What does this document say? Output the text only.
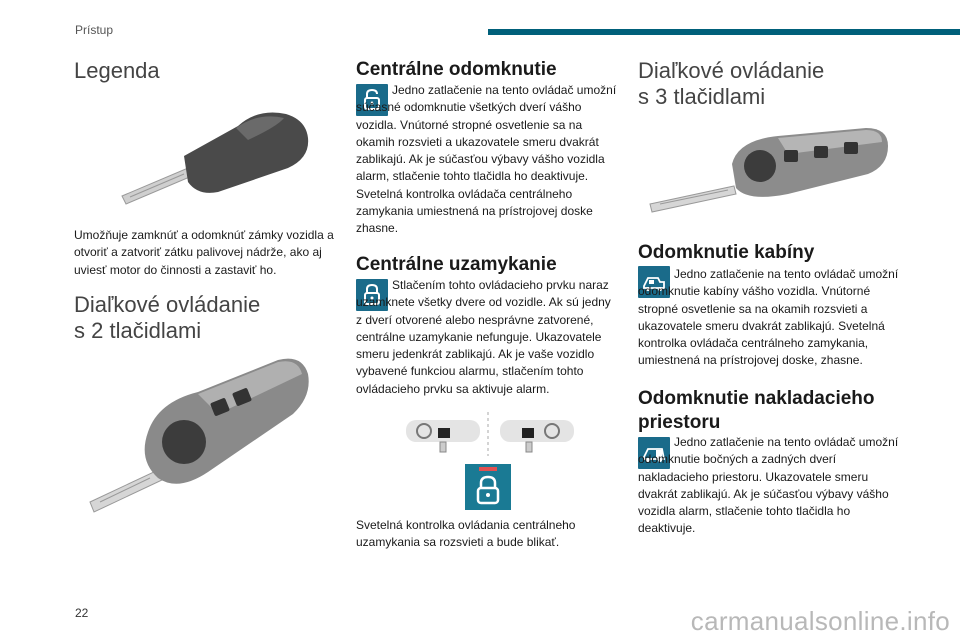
Prístup
Legenda
Umožňuje zamknúť a odomknúť zámky vozidla a otvoriť a zatvoriť zátku palivovej nádrže, ako aj uviesť motor do činnosti a zastaviť ho.
Diaľkové ovládanie
s 2 tlačidlami
Centrálne odomknutie
Jedno zatlačenie na tento ovládač umožní súčasné odomknutie všetkých dverí vášho vozidla. Vnútorné stropné osvetlenie sa na okamih rozsvieti a ukazovatele smeru dvakrát zablikajú. Ak je súčasťou výbavy vášho vozidla alarm, stlačenie tohto tlačidla ho deaktivuje. Svetelná kontrolka ovládača centrálneho zamykania umiestnená na prístrojovej doske zhasne.
Centrálne uzamykanie
Stlačením tohto ovládacieho prvku naraz uzamknete všetky dvere od vozidle. Ak sú jedny z dverí otvorené alebo nesprávne zatvorené, centrálne uzamykanie nefunguje. Ukazovatele smeru jedenkrát zablikajú. Ak je vaše vozidlo vybavené funkciou alarmu, stlačením tohto ovládacieho prvku sa aktivuje alarm.
Svetelná kontrolka ovládania centrálneho uzamykania sa rozsvieti a bude blikať.
Diaľkové ovládanie
s 3 tlačidlami
Odomknutie kabíny
Jedno zatlačenie na tento ovládač umožní odomknutie kabíny vášho vozidla. Vnútorné stropné osvetlenie sa na okamih rozsvieti a ukazovatele smeru dvakrát zablikajú. Svetelná kontrolka ovládača centrálneho zamykania, umiestnená na prístrojovej doske, zhasne.
Odomknutie nakladacieho
priestoru
Jedno zatlačenie na tento ovládač umožní odomknutie bočných a zadných dverí nakladacieho priestoru. Ukazovatele smeru dvakrát zablikajú. Ak je súčasťou výbavy vášho vozidla alarm, stlačenie tohto tlačidla ho deaktivuje.
22	carmanualsonline.info
